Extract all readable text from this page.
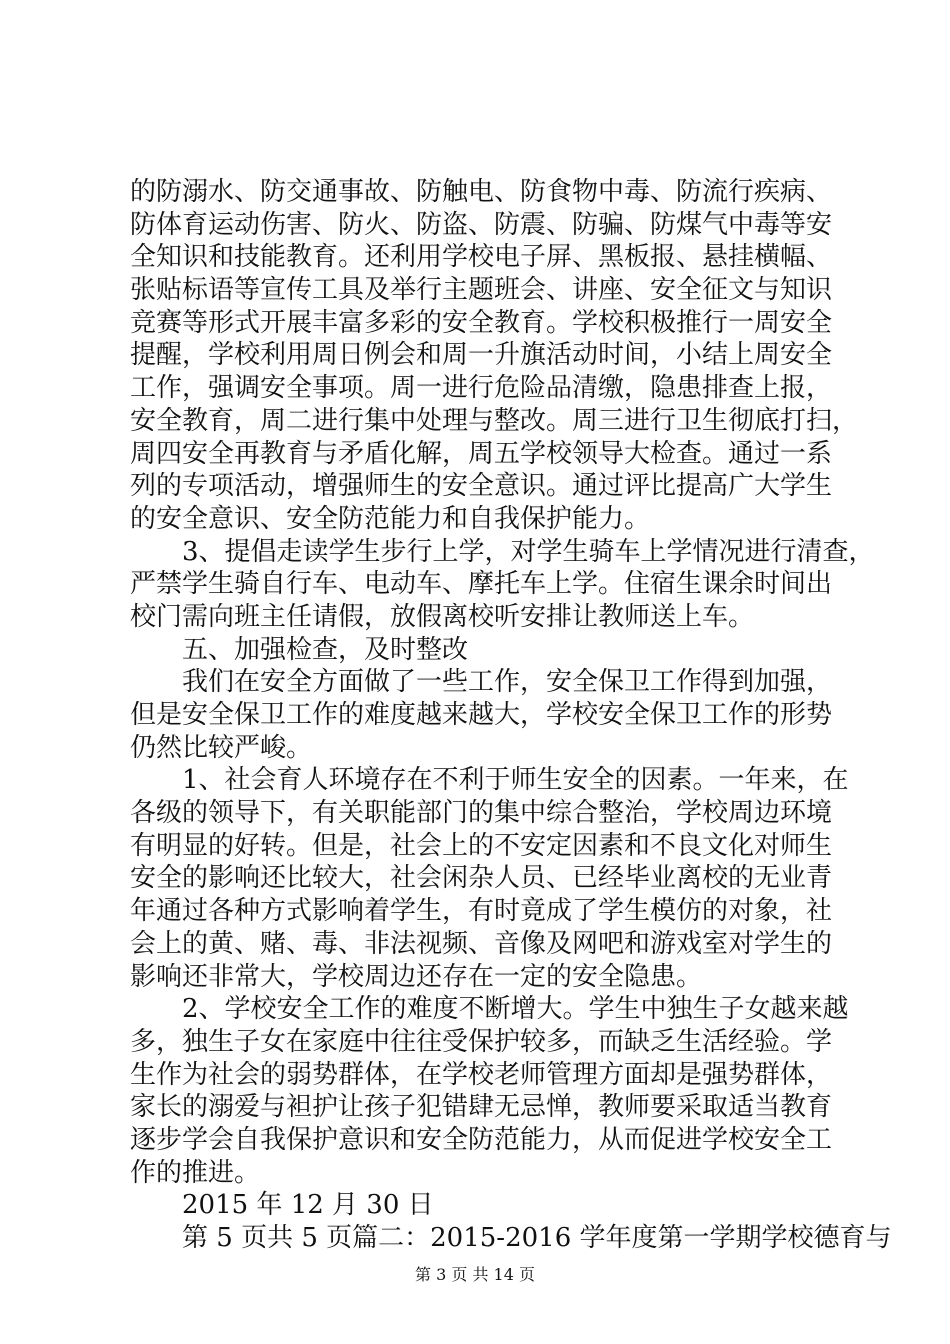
的防溺水、防交通事故、防触电、防食物中毒、防流行疾病、
防体育运动伤害、防火、防盗、防震、防骗、防煤气中毒等安
全知识和技能教育。还利用学校电子屏、黑板报、悬挂横幅、
张贴标语等宣传工具及举行主题班会、讲座、安全征文与知识
竞赛等形式开展丰富多彩的安全教育。学校积极推行一周安全
提醒，学校利用周日例会和周一升旗活动时间，小结上周安全
工作，强调安全事项。周一进行危险品清缴，隐患排查上报，
安全教育，周二进行集中处理与整改。周三进行卫生彻底打扫，
周四安全再教育与矛盾化解，周五学校领导大检查。通过一系
列的专项活动，增强师生的安全意识。通过评比提高广大学生
的安全意识、安全防范能力和自我保护能力。
3、提倡走读学生步行上学，对学生骑车上学情况进行清查，
严禁学生骑自行车、电动车、摩托车上学。住宿生课余时间出
校门需向班主任请假，放假离校听安排让教师送上车。
五、加强检查，及时整改
我们在安全方面做了一些工作，安全保卫工作得到加强，
但是安全保卫工作的难度越来越大，学校安全保卫工作的形势
仍然比较严峻。
1、社会育人环境存在不利于师生安全的因素。一年来，在
各级的领导下，有关职能部门的集中综合整治，学校周边环境
有明显的好转。但是，社会上的不安定因素和不良文化对师生
安全的影响还比较大，社会闲杂人员、已经毕业离校的无业青
年通过各种方式影响着学生，有时竟成了学生模仿的对象，社
会上的黄、赌、毒、非法视频、音像及网吧和游戏室对学生的
影响还非常大，学校周边还存在一定的安全隐患。
2、学校安全工作的难度不断增大。学生中独生子女越来越
多，独生子女在家庭中往往受保护较多，而缺乏生活经验。学
生作为社会的弱势群体，在学校老师管理方面却是强势群体，
家长的溺爱与袒护让孩子犯错肆无忌惮，教师要采取适当教育
逐步学会自我保护意识和安全防范能力，从而促进学校安全工
作的推进。
2015 年 12 月 30 日
第 5 页共 5 页篇二：2015-2016 学年度第一学期学校德育与
第 3 页 共 14 页
